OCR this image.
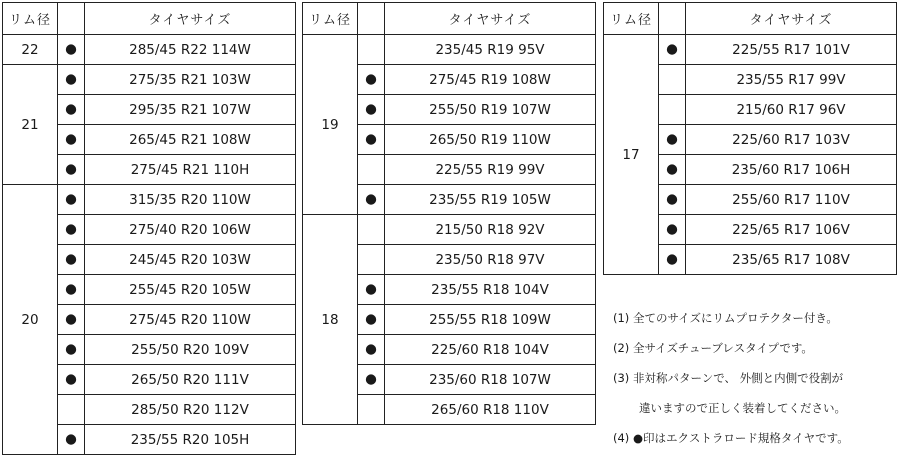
リム径		タイヤサイズ
22	●	285/45 R22 114W
21	●	275/35 R21 103W
	●	295/35 R21 107W
	●	265/45 R21 108W
	●	275/45 R21 110H
20	●	315/35 R20 110W
	●	275/40 R20 106W
	●	245/45 R20 103W
	●	255/45 R20 105W
	●	275/45 R20 110W
	●	255/50 R20 109V
	●	265/50 R20 111V
		285/50 R20 112V
	●	235/55 R20 105H
リム径		タイヤサイズ
19		235/45 R19 95V
	●	275/45 R19 108W
	●	255/50 R19 107W
	●	265/50 R19 110W
		225/55 R19 99V
	●	235/55 R19 105W
18		215/50 R18 92V
		235/50 R18 97V
	●	235/55 R18 104V
	●	255/55 R18 109W
	●	225/60 R18 104V
	●	235/60 R18 107W
		265/60 R18 110V
リム径		タイヤサイズ
17	●	225/55 R17 101V
		235/55 R17 99V
		215/60 R17 96V
	●	225/60 R17 103V
	●	235/60 R17 106H
	●	255/60 R17 110V
	●	225/65 R17 106V
	●	235/65 R17 108V
(1) 全てのサイズにリムプロテクター付き。
(2) 全サイズチューブレスタイプです。
(3) 非対称パターンで、 外側と内側で役割が
違いますので正しく装着してください。
(4) ●印はエクストラロード規格タイヤです。
